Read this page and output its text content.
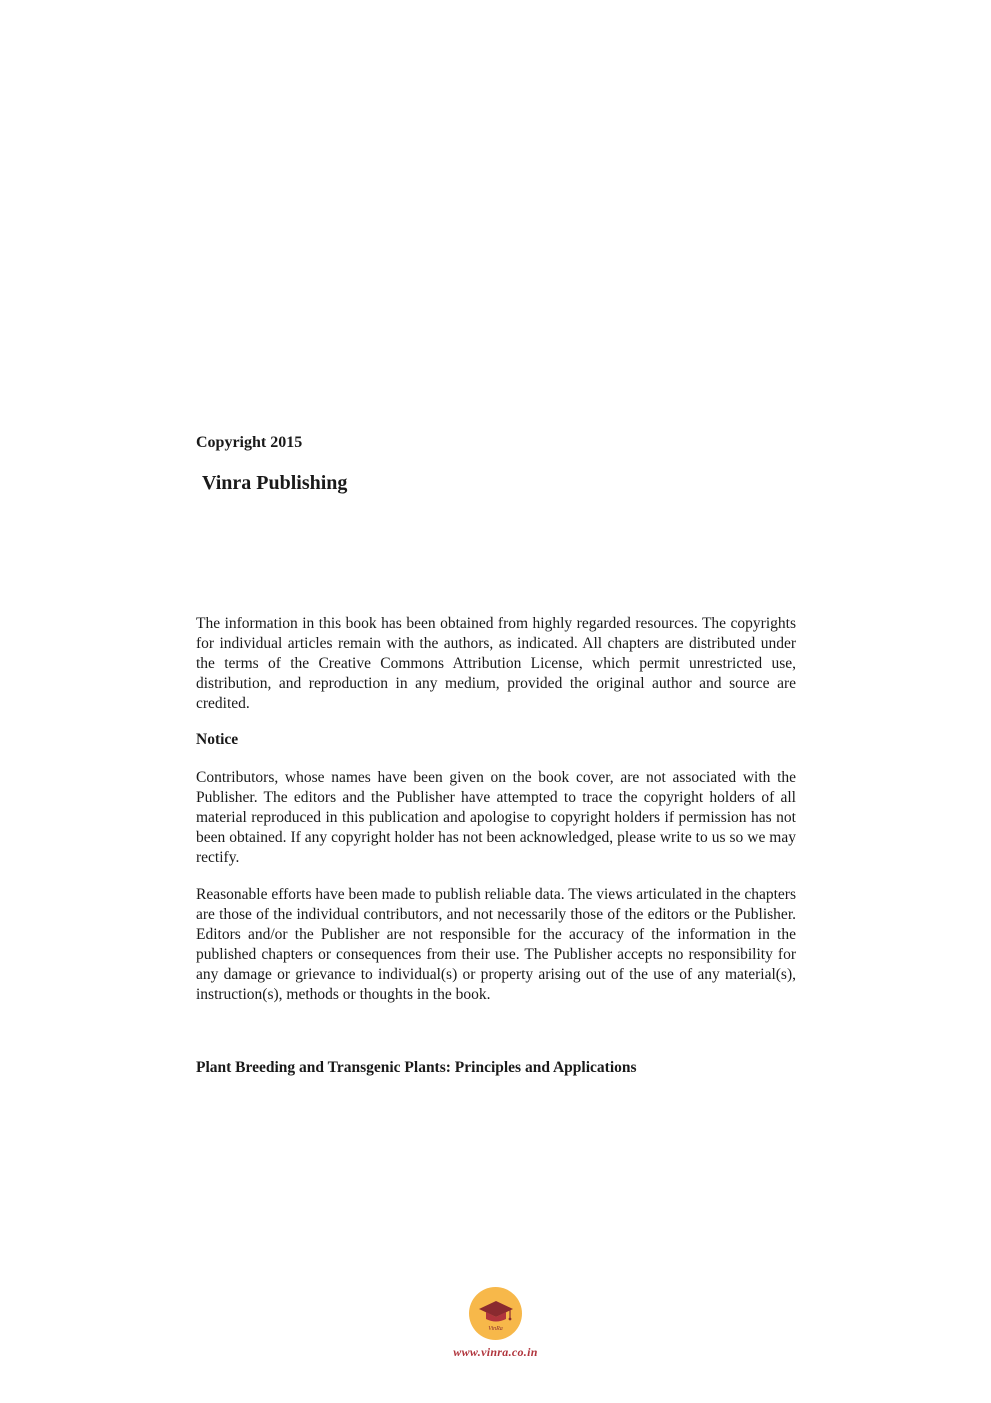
Copyright 2015

Vinra Publishing

The information in this book has been obtained from highly regarded resources. The copyrights for individual articles remain with the authors, as indicated. All chapters are distributed under the terms of the Creative Commons Attribution License, which permit unrestricted use, distribution, and reproduction in any medium, provided the original author and source are credited.

Notice

Contributors, whose names have been given on the book cover, are not associated with the Publisher. The editors and the Publisher have attempted to trace the copyright holders of all material reproduced in this publication and apologise to copyright holders if permission has not been obtained. If any copyright holder has not been acknowledged, please write to us so we may rectify.

Reasonable efforts have been made to publish reliable data. The views articulated in the chapters are those of the individual contributors, and not necessarily those of the editors or the Publisher. Editors and/or the Publisher are not responsible for the accuracy of the information in the published chapters or consequences from their use. The Publisher accepts no responsibility for any damage or grievance to individual(s) or property arising out of the use of any material(s), instruction(s), methods or thoughts in the book.

Plant Breeding and Transgenic Plants: Principles and Applications

VinRa
www.vinra.co.in
